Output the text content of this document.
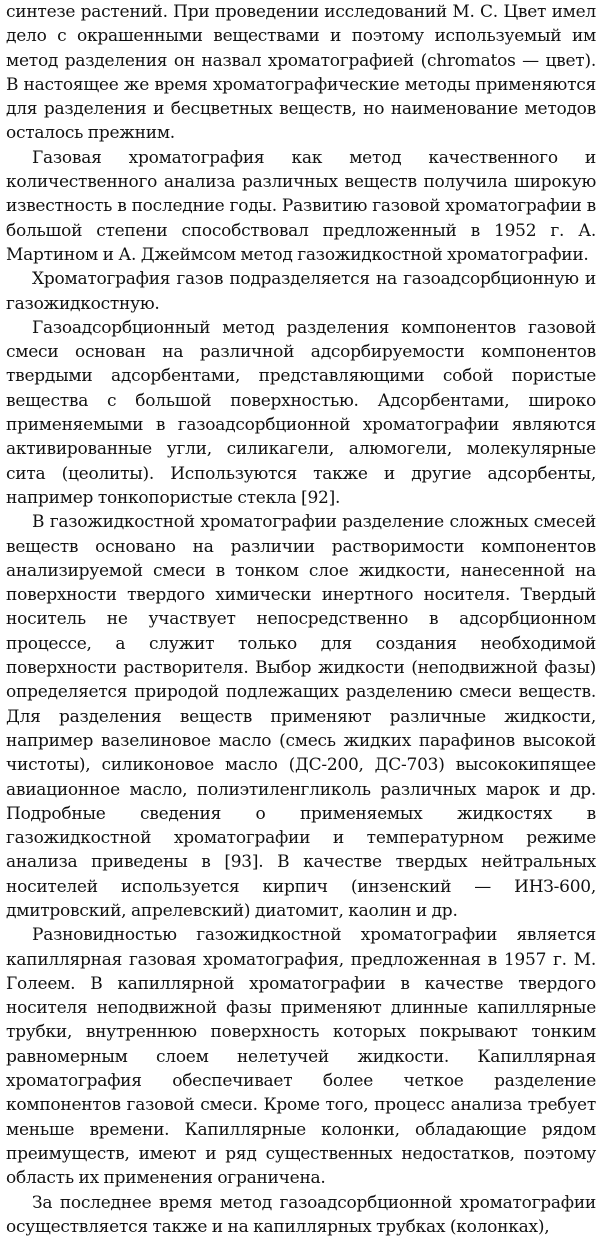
синтезе растений. При проведении исследований М. С. Цвет имел дело с окрашенными веществами и поэтому используемый им метод разделения он назвал хроматографией (chromatos — цвет). В настоящее же время хроматографические методы применяются для разделения и бесцветных веществ, но наименование методов осталось прежним.

Газовая хроматография как метод качественного и количественного анализа различных веществ получила широкую известность в последние годы. Развитию газовой хроматографии в большой степени способствовал предложенный в 1952 г. А. Мартином и А. Джеймсом метод газожидкостной хроматографии.

Хроматография газов подразделяется на газоадсорбционную и газожидкостную.

Газоадсорбционный метод разделения компонентов газовой смеси основан на различной адсорбируемости компонентов твердыми адсорбентами, представляющими собой пористые вещества с большой поверхностью. Адсорбентами, широко применяемыми в газоадсорбционной хроматографии являются активированные угли, силикагели, алюмогели, молекулярные сита (цеолиты). Используются также и другие адсорбенты, например тонкопористые стекла [92].

В газожидкостной хроматографии разделение сложных смесей веществ основано на различии растворимости компонентов анализируемой смеси в тонком слое жидкости, нанесенной на поверхности твердого химически инертного носителя. Твердый носитель не участвует непосредственно в адсорбционном процессе, а служит только для создания необходимой поверхности растворителя. Выбор жидкости (неподвижной фазы) определяется природой подлежащих разделению смеси веществ. Для разделения веществ применяют различные жидкости, например вазелиновое масло (смесь жидких парафинов высокой чистоты), силиконовое масло (ДС-200, ДС-703) высококипящее авиационное масло, полиэтиленгликоль различных марок и др. Подробные сведения о применяемых жидкостях в газожидкостной хроматографии и температурном режиме анализа приведены в [93]. В качестве твердых нейтральных носителей используется кирпич (инзенский — ИНЗ-600, дмитровский, апрелевский) диатомит, каолин и др.

Разновидностью газожидкостной хроматографии является капиллярная газовая хроматография, предложенная в 1957 г. М. Голеем. В капиллярной хроматографии в качестве твердого носителя неподвижной фазы применяют длинные капиллярные трубки, внутреннюю поверхность которых покрывают тонким равномерным слоем нелетучей жидкости. Капиллярная хроматография обеспечивает более четкое разделение компонентов газовой смеси. Кроме того, процесс анализа требует меньше времени. Капиллярные колонки, обладающие рядом преимуществ, имеют и ряд существенных недостатков, поэтому область их применения ограничена.

За последнее время метод газоадсорбционной хроматографии осуществляется также и на капиллярных трубках (колонках),
